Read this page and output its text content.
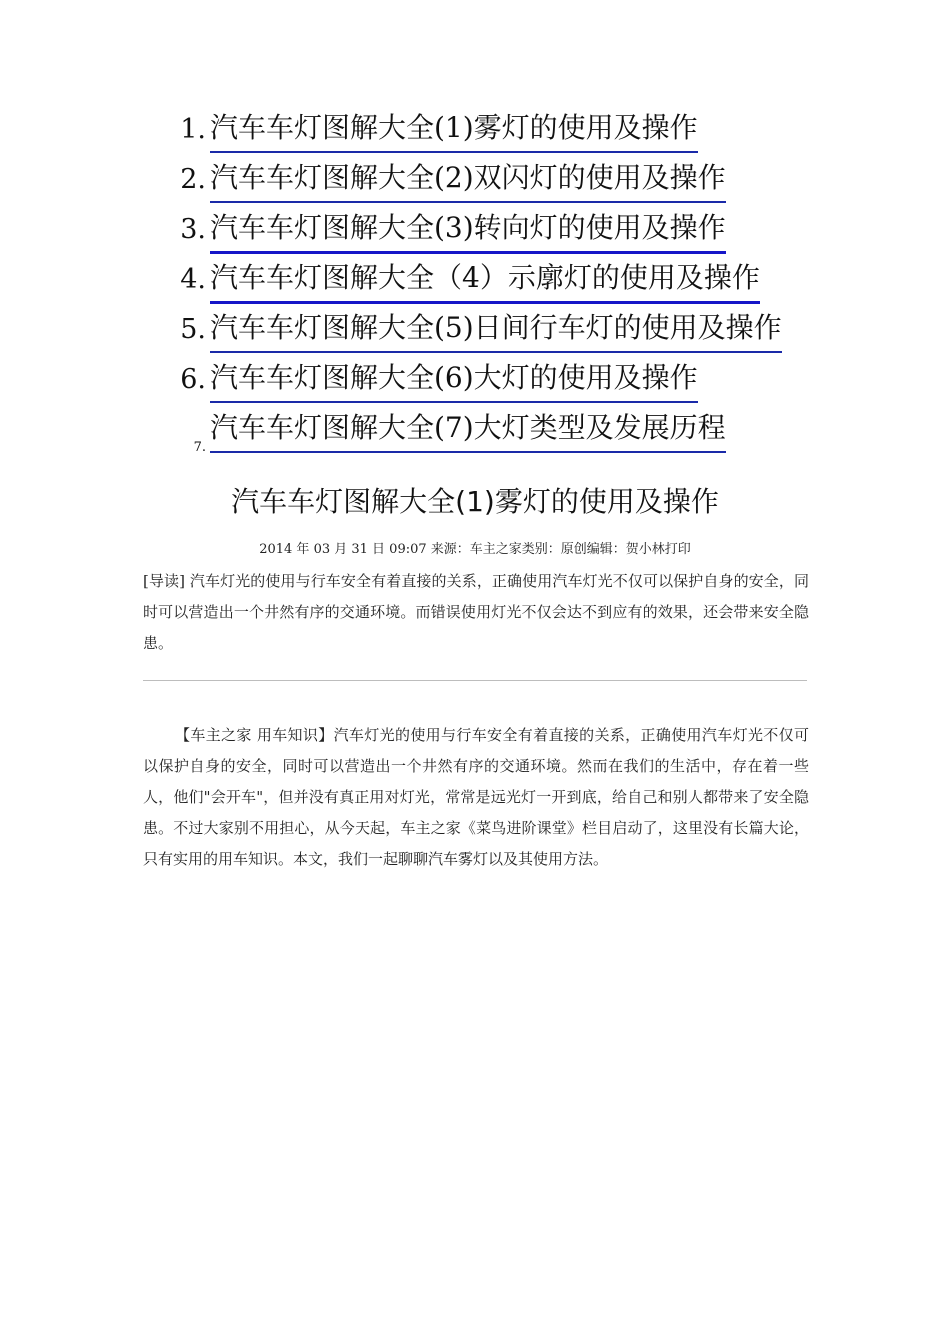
1. 汽车车灯图解大全(1)雾灯的使用及操作
2. 汽车车灯图解大全(2)双闪灯的使用及操作
3. 汽车车灯图解大全(3)转向灯的使用及操作
4. 汽车车灯图解大全（4）示廓灯的使用及操作
5. 汽车车灯图解大全(5)日间行车灯的使用及操作
6. 汽车车灯图解大全(6)大灯的使用及操作
7.
汽车车灯图解大全(7)大灯类型及发展历程
汽车车灯图解大全(1)雾灯的使用及操作
2014 年 03 月 31 日 09:07 来源：车主之家类别：原创编辑：贺小林打印
[导读] 汽车灯光的使用与行车安全有着直接的关系，正确使用汽车灯光不仅可以保护自身的安全，同时可以营造出一个井然有序的交通环境。而错误使用灯光不仅会达不到应有的效果，还会带来安全隐患。
【车主之家 用车知识】汽车灯光的使用与行车安全有着直接的关系，正确使用汽车灯光不仅可以保护自身的安全，同时可以营造出一个井然有序的交通环境。然而在我们的生活中，存在着一些人，他们"会开车"，但并没有真正用对灯光，常常是远光灯一开到底，给自己和别人都带来了安全隐患。不过大家别不用担心，从今天起，车主之家《菜鸟进阶课堂》栏目启动了，这里没有长篇大论，只有实用的用车知识。本文，我们一起聊聊汽车雾灯以及其使用方法。
